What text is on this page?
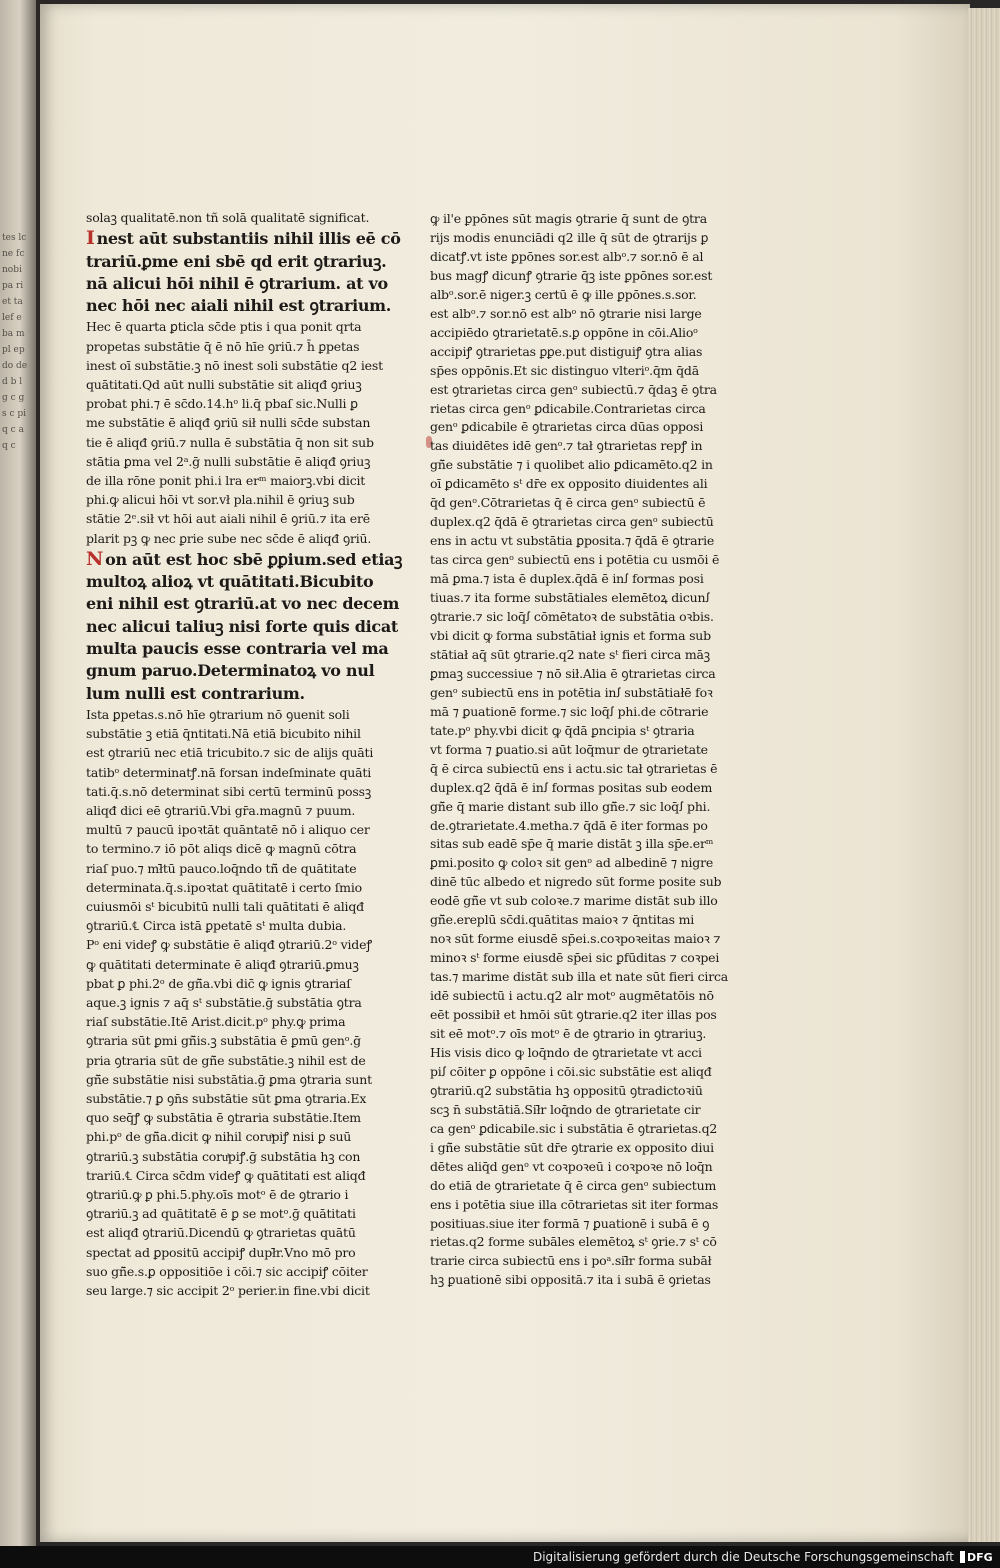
tes lc ne fc nobi pa ri et ta lef e ba m pl ep do de d b l g c g s c pi q c a q c
solaꝫ qualitatē.non tñ solā qualitatē significat.
I nest aūt substantiis nihil illis eē cō
trariū.ꝑme eni sbē qd erit ꝯtrariuꝫ.
nā alicui hōi nihil ē ꝯtrarium. at vo
nec hōi nec aiali nihil est ꝯtrarium.
Hec ē quarta ꝑticla sc̄de ptis i qua ponit qrta
propetas substātie q̄ ē nō hīe ꝯriū.⁊ h̄ ꝑpetas
inest oī substātie.ꝫ nō inest soli substātie q2 iest
quātitati.Qd aūt nulli substātie sit aliqđ ꝯriuꝫ
probat phi.⁊ ē sc̄do.14.hᵒ li.q̄ pbaſ sic.Nulli ꝑ
me substātie ē aliqđ ꝯriū sił nulli sc̄de substan
tie ē aliqđ ꝯriū.⁊ nulla ē substātia q̄ non sit sub
stātia ꝑma vel 2ᵃ.ḡ nulli substātie ē aliqđ ꝯriuꝫ
de illa rōne ponit phi.i lra erᵐ maiorꝫ.vbi dicit
phi.ꝙ alicui hōi vt sor.vł pla.nihil ē ꝯriuꝫ sub
stātie 2ᵉ.sił vt hōi aut aiali nihil ē ꝯriū.⁊ ita erē
plarit pꝫ ꝙ nec ꝑrie sube nec sc̄de ē aliqđ ꝯriū.
N on aūt est hoc sbē ꝑꝑium.sed etiaꝫ
multoꝝ alioꝝ vt quātitati.Bicubito
eni nihil est ꝯtrariū.at vo nec decem
nec alicui taliuꝫ nisi forte quis dicat
multa paucis esse contraria vel ma
gnum paruo.Determinatoꝝ vo nul
lum nulli est contrarium.
Ista ꝑpetas.s.nō hīe ꝯtrarium nō ꝯuenit soli
substātie ꝫ etiā q̄ntitati.Nā etiā bicubito nihil
est ꝯtrariū nec etiā tricubito.⁊ sic de alijs quāti
tatibᵒ determinatꝭ.nā forsan indeſminate quāti
tati.q̄.s.nō determinat sibi certū terminū possꝫ
aliqđ dici eē ꝯtrariū.Vbi gr̄a.magnū ⁊ puum.
multū ⁊ paucū ipoꝛtāt quāntatē nō i aliquo cer
to termino.⁊ iō pōt aliqs dicē ꝙ magnū cōtra
riaſ puo.⁊ mł̄tū pauco.loq̄ndo tñ̄ de quātitate
determinata.q̄.s.ipoꝛtat quātitatē i certo ſmio
cuiusmōi sᵗ bicubitū nulli tali quātitati ē aliqđ
ꝯtrariū.℄ Circa istā ꝑpetatē sᵗ multa dubia.
Pᵒ eni videꝭ ꝙ substātie ē aliqđ ꝯtrariū.2ᵒ videꝭ
ꝙ quātitati determinate ē aliqđ ꝯtrariū.ꝑmuꝫ
pbat ꝑ phi.2ᵒ de gñ̄a.vbi dic̄ ꝙ ignis ꝯtrariaſ
aque.ꝫ ignis ⁊ aq̄ sᵗ substātie.ḡ substātia ꝯtra
riaſ substātie.Itē Arist.dicit.pᵒ phy.ꝙ prima
ꝯtraria sūt ꝑmi gñ̄is.ꝫ substātia ē ꝑmū genᵒ.ḡ
pria ꝯtraria sūt de gñ̄e substātie.ꝫ nihil est de
gñ̄e substātie nisi substātia.ḡ ꝑma ꝯtraria sunt
substātie.⁊ ꝑ ꝯn̄s substātie sūt ꝑma ꝯtraria.Ex
quo seq̄ꝭ ꝙ substātia ē ꝯtraria substātie.Item
phi.pᵒ de gñ̄a.dicit ꝙ nihil coruͣpiꝭ nisi ꝑ suū
ꝯtrariū.ꝫ substātia coruͣpiꝭ.ḡ substātia hꝫ con
trariū.℄ Circa sc̄dm videꝭ ꝙ quātitati est aliqđ
ꝯtrariū.ꝙ ꝑ phi.5.phy.oīs motᵒ ē de ꝯtrario i
ꝯtrariū.ꝫ ad quātitatē ē ꝑ se motᵒ.ḡ quātitati
est aliqđ ꝯtrariū.Dicendū ꝙ ꝯtrarietas quātū
spectat ad ꝑpositū accipiꝭ dupł̄r.Vno mō pro
suo gñ̄e.s.ꝑ oppositiōe i cōi.⁊ sic accipiꝭ cōiter
seu large.⁊ sic accipit 2ᵒ perier.in fine.vbi dicit
ꝙ il'e ꝑpōnes sūt magis ꝯtrarie q̄ sunt de ꝯtra
rijs modis enunciādi q2 ille q̄ sūt de ꝯtrarijs ꝑ
dicatꝭ.vt iste ꝑpōnes sor.est albᵒ.⁊ sor.nō ē al
bus magꝭ dicunꝭ ꝯtrarie q̄ꝫ iste ꝑpōnes sor.est
albᵒ.sor.ē niger.ꝫ certū ē ꝙ ille ꝑpōnes.s.sor.
est albᵒ.⁊ sor.nō est albᵒ nō ꝯtrarie nisi large
accipiēdo ꝯtrarietatē.s.ꝑ oppōne in cōi.Alioᵒ
accipiꝭ ꝯtrarietas ꝑꝑe.put distiguiꝭ ꝯtra alias
sp̄es oppōnis.Et sic distinguo vlteriᵒ.q̄m q̄dā
est ꝯtrarietas circa genᵒ subiectū.⁊ q̄daꝫ ē ꝯtra
rietas circa genᵒ ꝑdicabile.Contrarietas circa
genᵒ ꝑdicabile ē ꝯtrarietas circa dūas opposi
tas diuidētes idē genᵒ.⁊ tał ꝯtrarietas repꝭ in
gñ̄e substātie ⁊ i quolibet alio ꝑdicamēto.q2 in
oī ꝑdicamēto sᵗ dr̄e ex opposito diuidentes ali
q̄d genᵒ.Cōtrarietas q̄ ē circa genᵒ subiectū ē
duplex.q2 q̄dā ē ꝯtrarietas circa genᵒ subiectū
ens in actu vt substātia ꝑposita.⁊ q̄dā ē ꝯtrarie
tas circa genᵒ subiectū ens i potētia cu usmōi ē
mā ꝑma.⁊ ista ē duplex.q̄dā ē inꭍ formas posi
tiuas.⁊ ita forme substātiales elemētoꝝ dicunꭍ
ꝯtrarie.⁊ sic loq̄ꭍ cōmētatoꝛ de substātia oꝛbis.
vbi dicit ꝙ forma substātiał ignis et forma sub
stātiał aq̄ sūt ꝯtrarie.q2 nate sᵗ fieri circa māꝫ
ꝑmaꝫ successiue ⁊ nō sił.Alia ē ꝯtrarietas circa
genᵒ subiectū ens in potētia inꭍ substātiałē foꝛ
mā ⁊ ꝑuationē forme.⁊ sic loq̄ꭍ phi.de cōtrarie
tate.pᵒ phy.vbi dicit ꝙ q̄dā ꝑncipia sᵗ ꝯtraria
vt forma ⁊ ꝑuatio.si aūt loq̄mur de ꝯtrarietate
q̄ ē circa subiectū ens i actu.sic tał ꝯtrarietas ē
duplex.q2 q̄dā ē inꭍ formas positas sub eodem
gñ̄e q̄ marie distant sub illo gñ̄e.⁊ sic loq̄ꭍ phi.
de.ꝯtrarietate.4.metha.⁊ q̄dā ē iter formas po
sitas sub eadē sp̄e q̄ marie distāt ꝫ illa sp̄e.erᵐ
ꝑmi.posito ꝙ coloꝛ sit genᵒ ad albedinē ⁊ nigre
dinē tūc albedo et nigredo sūt forme posite sub
eodē gñ̄e vt sub coloꝛe.⁊ marime distāt sub illo
gñ̄e.ereplū sc̄di.quātitas maioꝛ ⁊ q̄ntitas mi
noꝛ sūt forme eiusdē sp̄ei.s.coꝛpoꝛeitas maioꝛ ⁊
minoꝛ sᵗ forme eiusdē sp̄ei sic ꝑfūditas ⁊ coꝛpei
tas.⁊ marime distāt sub illa et nate sūt fieri circa
idē subiectū i actu.q2 alr motᵒ augmētatōis nō
eēt possibił et hmōi sūt ꝯtrarie.q2 iter illas pos
sit eē motᵒ.⁊ oīs motᵒ ē de ꝯtrario in ꝯtrariuꝫ.
His visis dico ꝙ loq̄ndo de ꝯtrarietate vt acci
piꭍ cōiter ꝑ oppōne i cōi.sic substātie est aliqđ
ꝯtrariū.q2 substātia hꝫ oppositū ꝯtradictoꝛiū
scꝫ n̄ substātiā.Sił̄r loq̄ndo de ꝯtrarietate cir
ca genᵒ ꝑdicabile.sic i substātia ē ꝯtrarietas.q2
i gñ̄e substātie sūt dr̄e ꝯtrarie ex opposito diui
dētes aliq̄d genᵒ vt coꝛpoꝛeū i coꝛpoꝛe nō loq̄n
do etiā de ꝯtrarietate q̄ ē circa genᵒ subiectum
ens i potētia siue illa cōtrarietas sit iter formas
positiuas.siue iter formā ⁊ ꝑuationē i subā ē ꝯ
rietas.q2 forme subāles elemētoꝝ sᵗ ꝯrie.⁊ sᵗ cō
trarie circa subiectū ens i poᵃ.sił̄r forma subāł
hꝫ ꝑuationē sibi oppositā.⁊ ita i subā ē ꝯrietas
Digitalisierung gefördert durch die Deutsche Forschungsgemeinschaft DFG
